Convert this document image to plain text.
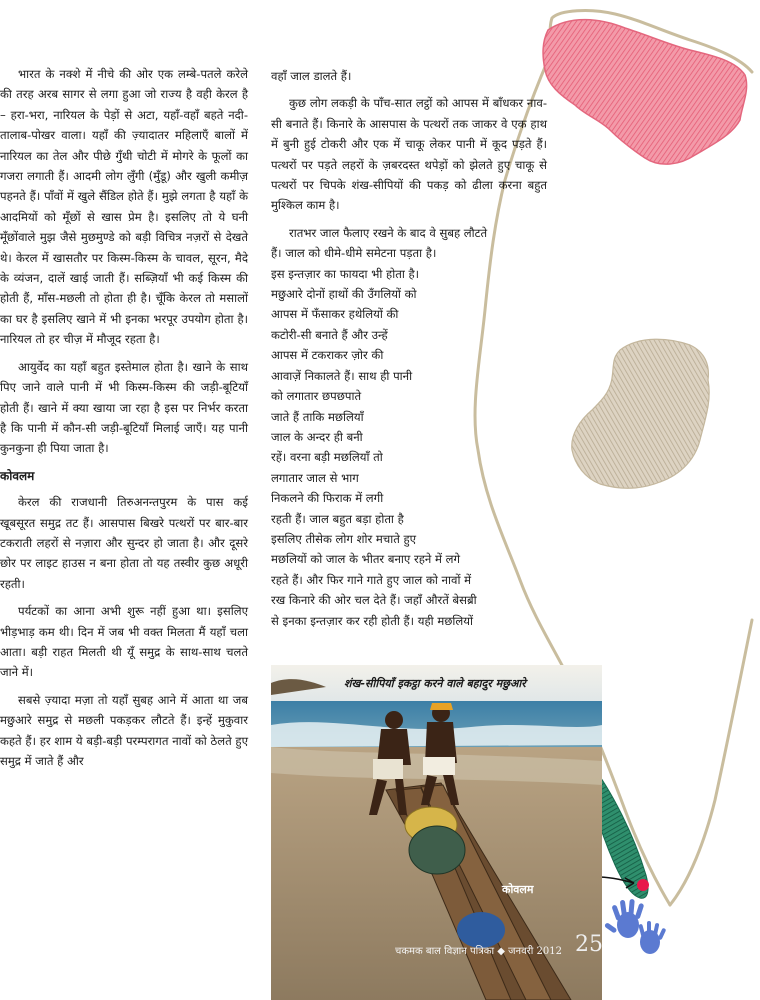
भारत के नक्शे में नीचे की ओर एक लम्बे-पतले करेले की तरह अरब सागर से लगा हुआ जो राज्य है वही केरल है – हरा-भरा, नारियल के पेड़ों से अटा, यहाँ-वहाँ बहते नदी-तालाब-पोखर वाला। यहाँ की ज़्यादातर महिलाएँ बालों में नारियल का तेल और पीछे गुँथी चोटी में मोगरे के फूलों का गजरा लगाती हैं। आदमी लोग लुँगी (मुँडू) और खुली कमीज़ पहनते हैं। पाँवों में खुले सैंडिल होते हैं। मुझे लगता है यहाँ के आदमियों को मूँछों से खास प्रेम है। इसलिए तो ये घनी मूँछोंवाले मुझ जैसे मुछमुण्डे को बड़ी विचित्र नज़रों से देखते थे। केरल में खासतौर पर किस्म-किस्म के चावल, सूरन, मैदे के व्यंजन, दालें खाई जाती हैं। सब्ज़ियाँ भी कई किस्म की होती हैं, माँस-मछली तो होता ही है। चूँकि केरल तो मसालों का घर है इसलिए खाने में भी इनका भरपूर उपयोग होता है। नारियल तो हर चीज़ में मौजूद रहता है।

आयुर्वेद का यहाँ बहुत इस्तेमाल होता है। खाने के साथ पिए जाने वाले पानी में भी किस्म-किस्म की जड़ी-बूटियाँ होती हैं। खाने में क्या खाया जा रहा है इस पर निर्भर करता है कि पानी में कौन-सी जड़ी-बूटियाँ मिलाई जाएँ। यह पानी कुनकुना ही पिया जाता है।

कोवलम

केरल की राजधानी तिरुअनन्तपुरम के पास कई खूबसूरत समुद्र तट हैं। आसपास बिखरे पत्थरों पर बार-बार टकराती लहरों से नज़ारा और सुन्दर हो जाता है। और दूसरे छोर पर लाइट हाउस न बना होता तो यह तस्वीर कुछ अधूरी रहती।

पर्यटकों का आना अभी शुरू नहीं हुआ था। इसलिए भीड़भाड़ कम थी। दिन में जब भी वक्त मिलता मैं यहाँ चला आता। बड़ी राहत मिलती थी यूँ समुद्र के साथ-साथ चलते जाने में।

सबसे ज़्यादा मज़ा तो यहाँ सुबह आने में आता था जब मछुआरे समुद्र से मछली पकड़कर लौटते हैं। इन्हें मुकुवार कहते हैं। हर शाम ये बड़ी-बड़ी परम्परागत नावों को ठेलते हुए समुद्र में जाते हैं और

वहाँ जाल डालते हैं।

कुछ लोग लकड़ी के पाँच-सात लट्ठों को आपस में बाँधकर नाव-सी बनाते हैं। किनारे के आसपास के पत्थरों तक जाकर वे एक हाथ में बुनी हुई टोकरी और एक में चाकू लेकर पानी में कूद पड़ते हैं। पत्थरों पर पड़ते लहरों के ज़बरदस्त थपेड़ों को झेलते हुए चाकू से पत्थरों पर चिपके शंख-सीपियों की पकड़ को ढीला करना बहुत मुश्किल काम है।

रातभर जाल फैलाए रखने के बाद वे सुबह लौटते
हैं। जाल को धीमे-धीमे समेटना पड़ता है।
इस इन्तज़ार का फायदा भी होता है।
मछुआरे दोनों हाथों की उँगलियों को
आपस में फँसाकर हथेलियों की
कटोरी-सी बनाते हैं और उन्हें
आपस में टकराकर ज़ोर की
आवाज़ें निकालते हैं। साथ ही पानी
को लगातार छपछपाते
जाते हैं ताकि मछलियाँ
जाल के अन्दर ही बनी
रहें। वरना बड़ी मछलियाँ तो
लगातार जाल से भाग
निकलने की फिराक में लगी
रहती हैं। जाल बहुत बड़ा होता है
इसलिए तीसेक लोग शोर मचाते हुए
मछलियों को जाल के भीतर बनाए रहने में लगे
रहते हैं। और फिर गाने गाते हुए जाल को नावों में
रख किनारे की ओर चल देते हैं। जहाँ औरतें बेसब्री
से इनका इन्तज़ार कर रही होती हैं। यही मछलियों
शंख-सीपियाँ इकट्ठा करने वाले बहादुर मछुआरे
चकमक बाल विज्ञान पत्रिका ◆ जनवरी 2012 25
कोवलम
